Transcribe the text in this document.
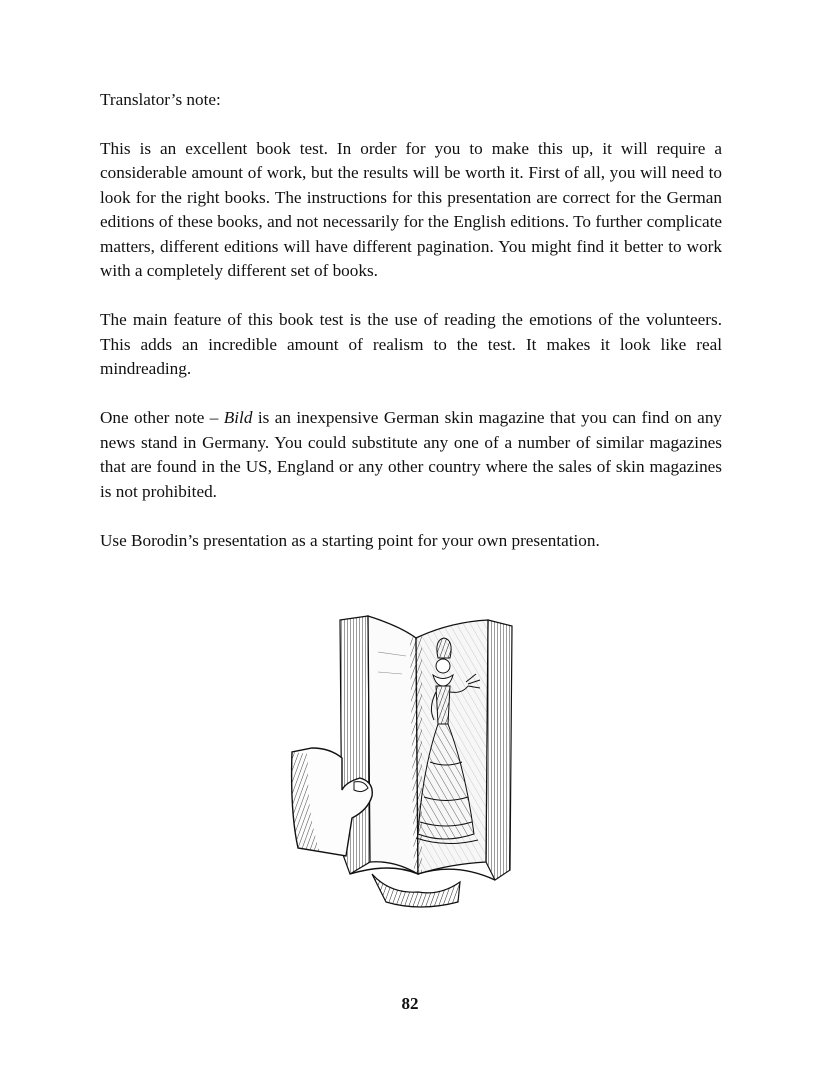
Translator’s note:

This is an excellent book test. In order for you to make this up, it will require a considerable amount of work, but the results will be worth it. First of all, you will need to look for the right books. The instructions for this presentation are correct for the German editions of these books, and not necessarily for the English editions. To further complicate matters, different editions will have different pagination. You might find it better to work with a completely different set of books.

The main feature of this book test is the use of reading the emotions of the volunteers. This adds an incredible amount of realism to the test. It makes it look like real mindreading.

One other note – Bild is an inexpensive German skin magazine that you can find on any news stand in Germany. You could substitute any one of a number of similar magazines that are found in the US, England or any other country where the sales of skin magazines is not prohibited.

Use Borodin’s presentation as a starting point for your own presentation.

82
